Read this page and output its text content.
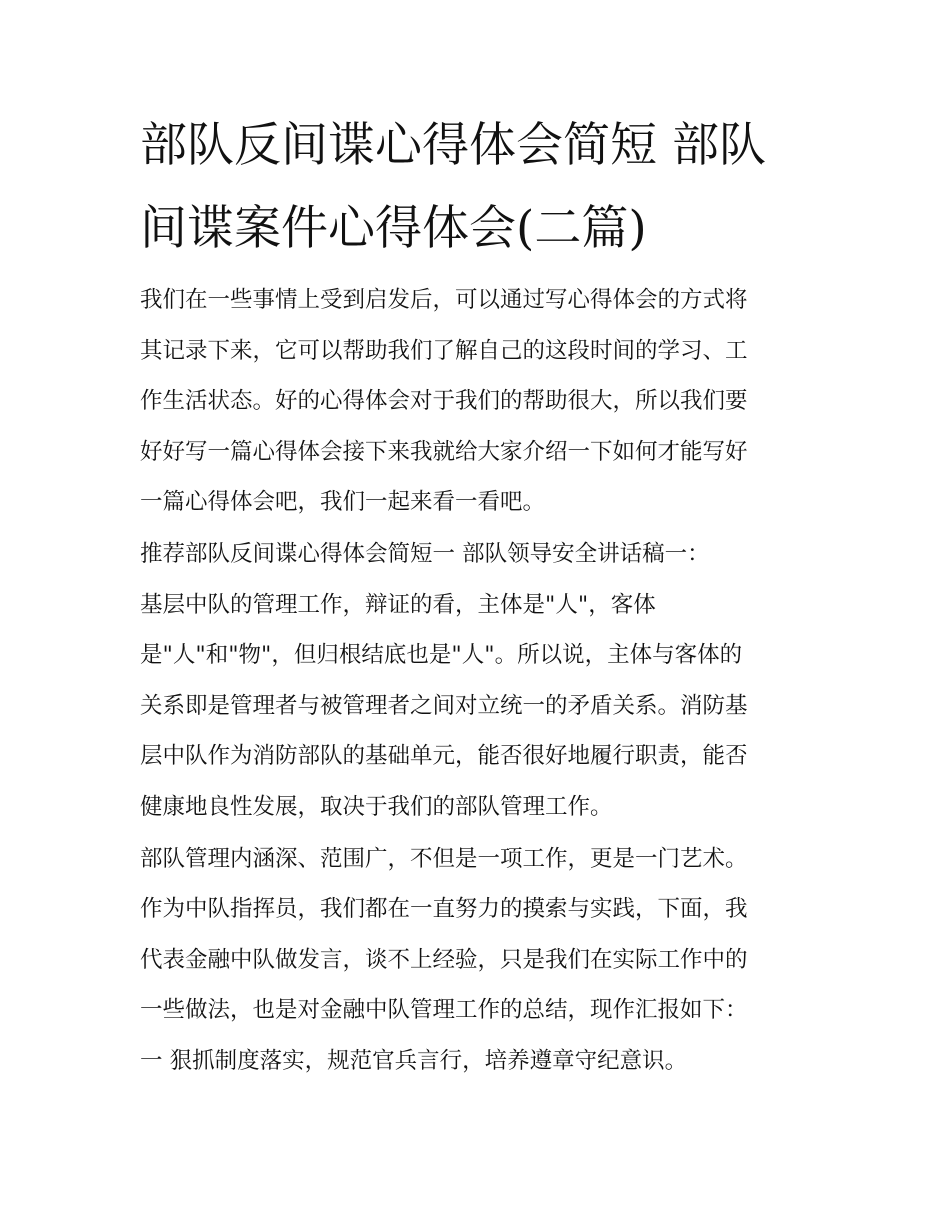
部队反间谍心得体会简短 部队
间谍案件心得体会(二篇)

我们在一些事情上受到启发后，可以通过写心得体会的方式将

其记录下来，它可以帮助我们了解自己的这段时间的学习、工

作生活状态。好的心得体会对于我们的帮助很大，所以我们要

好好写一篇心得体会接下来我就给大家介绍一下如何才能写好

一篇心得体会吧，我们一起来看一看吧。

推荐部队反间谍心得体会简短一 部队领导安全讲话稿一：

基层中队的管理工作，辩证的看，主体是"人"，客体

是"人"和"物"，但归根结底也是"人"。所以说，主体与客体的

关系即是管理者与被管理者之间对立统一的矛盾关系。消防基

层中队作为消防部队的基础单元，能否很好地履行职责，能否

健康地良性发展，取决于我们的部队管理工作。

部队管理内涵深、范围广，不但是一项工作，更是一门艺术。

作为中队指挥员，我们都在一直努力的摸索与实践，下面，我

代表金融中队做发言，谈不上经验，只是我们在实际工作中的

一些做法，也是对金融中队管理工作的总结，现作汇报如下：

一 狠抓制度落实，规范官兵言行，培养遵章守纪意识。
